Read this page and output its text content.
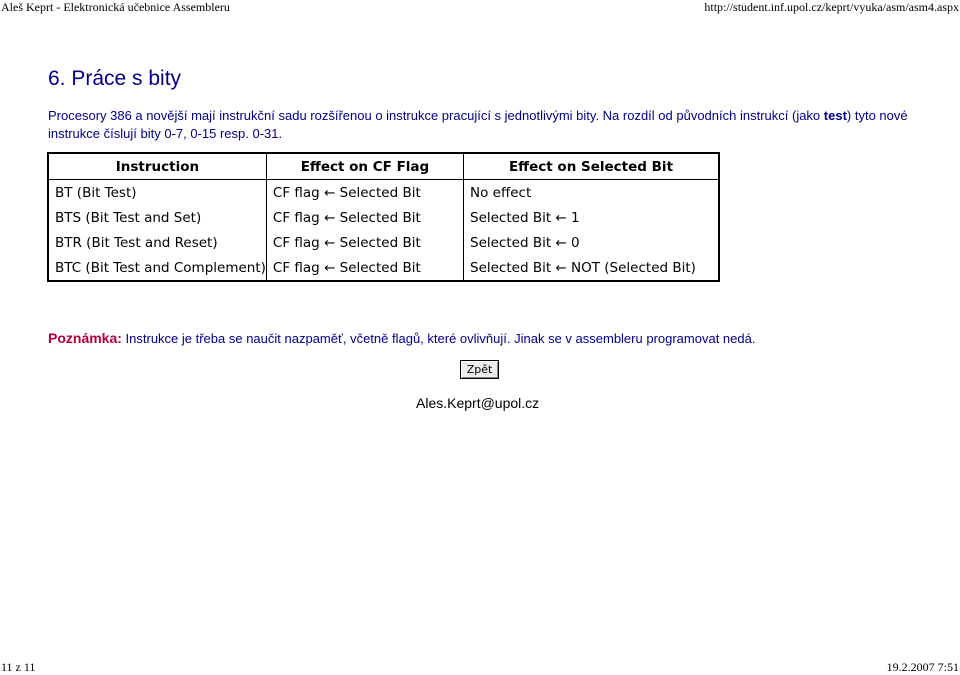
Aleš Keprt - Elektronická učebnice Assembleru	http://student.inf.upol.cz/keprt/vyuka/asm/asm4.aspx
6. Práce s bity
Procesory 386 a novější mají instrukční sadu rozšířenou o instrukce pracující s jednotlivými bity. Na rozdíl od původních instrukcí (jako test) tyto nové instrukce číslují bity 0-7, 0-15 resp. 0-31.
Instruction	Effect on CF Flag	Effect on Selected Bit
BT (Bit Test)	CF flag ← Selected Bit	No effect
BTS (Bit Test and Set)	CF flag ← Selected Bit	Selected Bit ← 1
BTR (Bit Test and Reset)	CF flag ← Selected Bit	Selected Bit ← 0
BTC (Bit Test and Complement)	CF flag ← Selected Bit	Selected Bit ← NOT (Selected Bit)
Poznámka: Instrukce je třeba se naučit nazpaměť, včetně flagů, které ovlivňují. Jinak se v assembleru programovat nedá.
Zpět
Ales.Keprt@upol.cz
11 z 11	19.2.2007 7:51
